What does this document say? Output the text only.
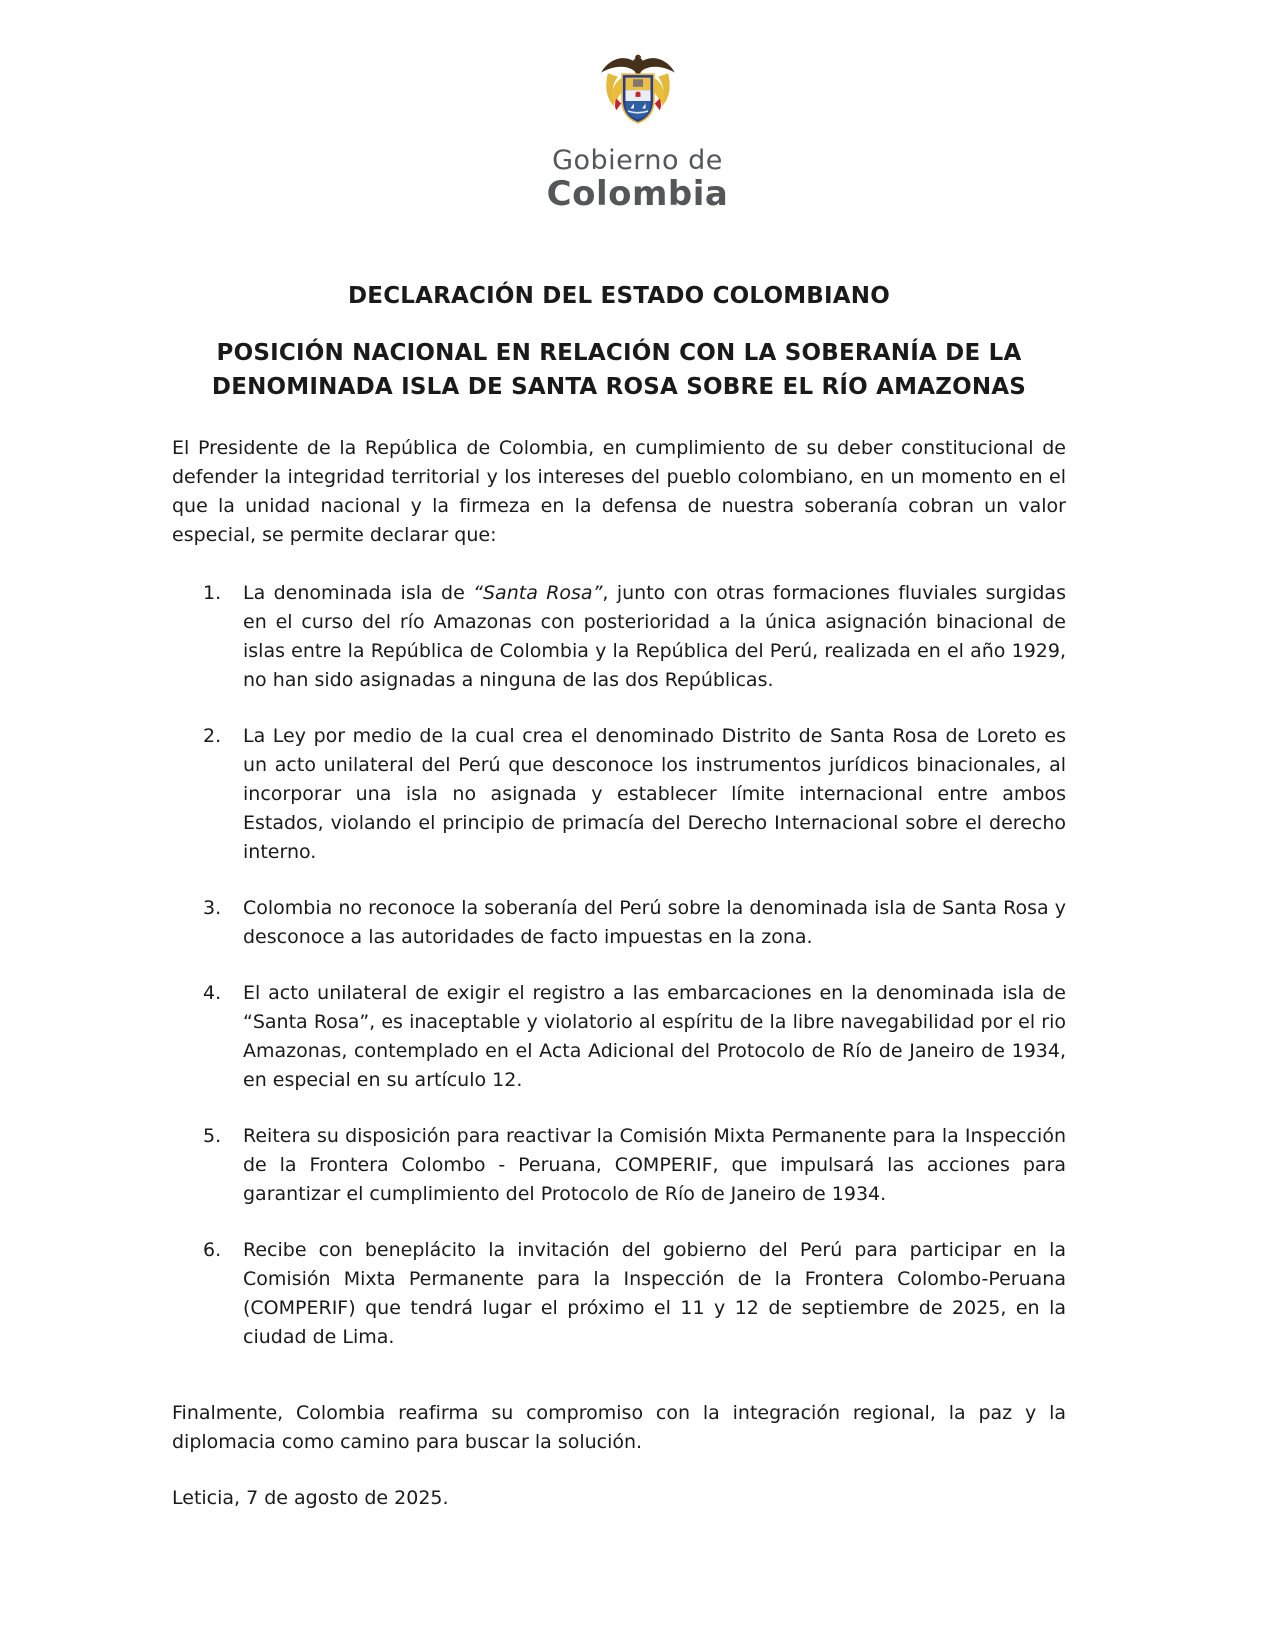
Gobierno de
Colombia
DECLARACIÓN DEL ESTADO COLOMBIANO
POSICIÓN NACIONAL EN RELACIÓN CON LA SOBERANÍA DE LA
DENOMINADA ISLA DE SANTA ROSA SOBRE EL RÍO AMAZONAS

El Presidente de la República de Colombia, en cumplimiento de su deber constitucional de defender la integridad territorial y los intereses del pueblo colombiano, en un momento en el que la unidad nacional y la firmeza en la defensa de nuestra soberanía cobran un valor especial, se permite declarar que:

1.	La denominada isla de “Santa Rosa”, junto con otras formaciones fluviales surgidas en el curso del río Amazonas con posterioridad a la única asignación binacional de islas entre la República de Colombia y la República del Perú, realizada en el año 1929, no han sido asignadas a ninguna de las dos Repúblicas.
2.	La Ley por medio de la cual crea el denominado Distrito de Santa Rosa de Loreto es un acto unilateral del Perú que desconoce los instrumentos jurídicos binacionales, al incorporar una isla no asignada y establecer límite internacional entre ambos Estados, violando el principio de primacía del Derecho Internacional sobre el derecho interno.
3.	Colombia no reconoce la soberanía del Perú sobre la denominada isla de Santa Rosa y desconoce a las autoridades de facto impuestas en la zona.
4.	El acto unilateral de exigir el registro a las embarcaciones en la denominada isla de “Santa Rosa”, es inaceptable y violatorio al espíritu de la libre navegabilidad por el rio Amazonas, contemplado en el Acta Adicional del Protocolo de Río de Janeiro de 1934, en especial en su artículo 12.
5.	Reitera su disposición para reactivar la Comisión Mixta Permanente para la Inspección de la Frontera Colombo - Peruana, COMPERIF, que impulsará las acciones para garantizar el cumplimiento del Protocolo de Río de Janeiro de 1934.
6.	Recibe con beneplácito la invitación del gobierno del Perú para participar en la Comisión Mixta Permanente para la Inspección de la Frontera Colombo-Peruana (COMPERIF) que tendrá lugar el próximo el 11 y 12 de septiembre de 2025, en la ciudad de Lima.

Finalmente, Colombia reafirma su compromiso con la integración regional, la paz y la diplomacia como camino para buscar la solución.

Leticia, 7 de agosto de 2025.
